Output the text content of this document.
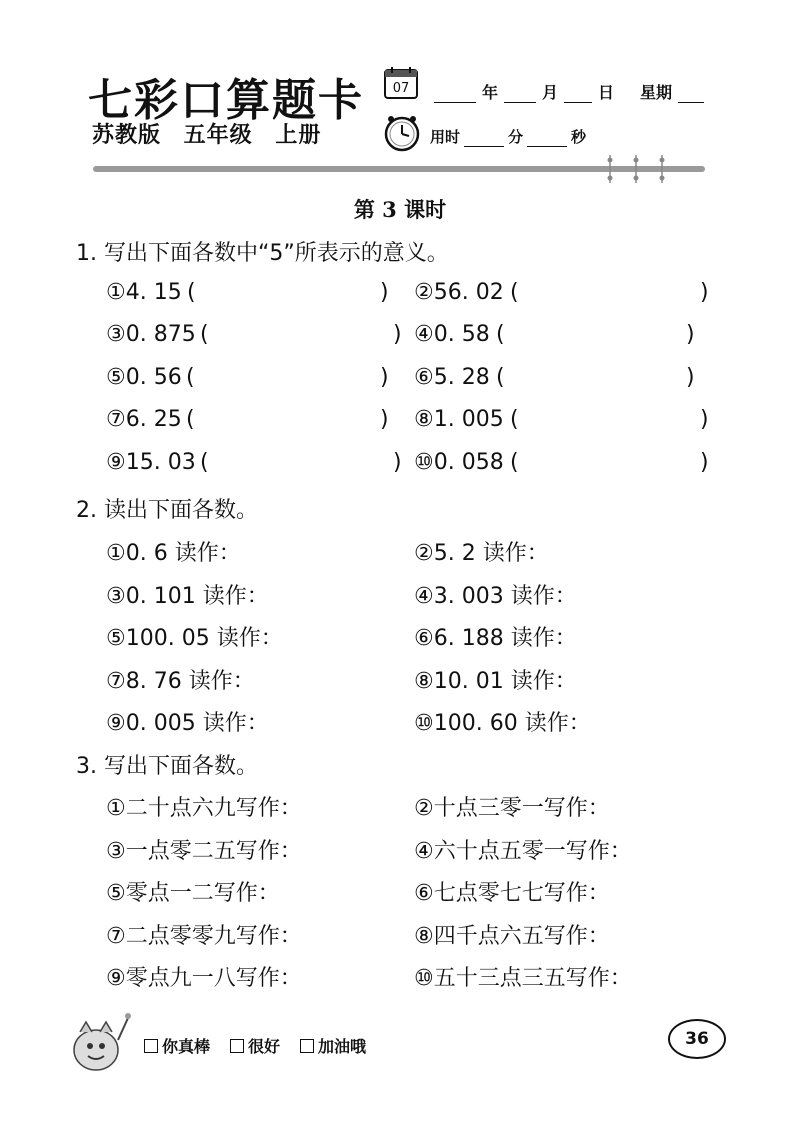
七彩口算题卡
苏教版 五年级 上册
07	年	月	日 星期
用时	分	秒
第 3 课时
1. 写出下面各数中“5”所表示的意义。
①4. 15 (	) ②56. 02 (	)
③0. 875 (	) ④0. 58 (	)
⑤0. 56 (	) ⑥5. 28 (	)
⑦6. 25 (	) ⑧1. 005 (	)
⑨15. 03 (	) ⑩0. 058 (	)
2. 读出下面各数。
①0. 6 读作：	②5. 2 读作：
③0. 101 读作：	④3. 003 读作：
⑤100. 05 读作：	⑥6. 188 读作：
⑦8. 76 读作：	⑧10. 01 读作：
⑨0. 005 读作：	⑩100. 60 读作：
3. 写出下面各数。
①二十点六九写作：	②十点三零一写作：
③一点零二五写作：	④六十点五零一写作：
⑤零点一二写作：	⑥七点零七七写作：
⑦二点零零九写作：	⑧四千点六五写作：
⑨零点九一八写作：	⑩五十三点三五写作：
你真棒 很好 加油哦	36
